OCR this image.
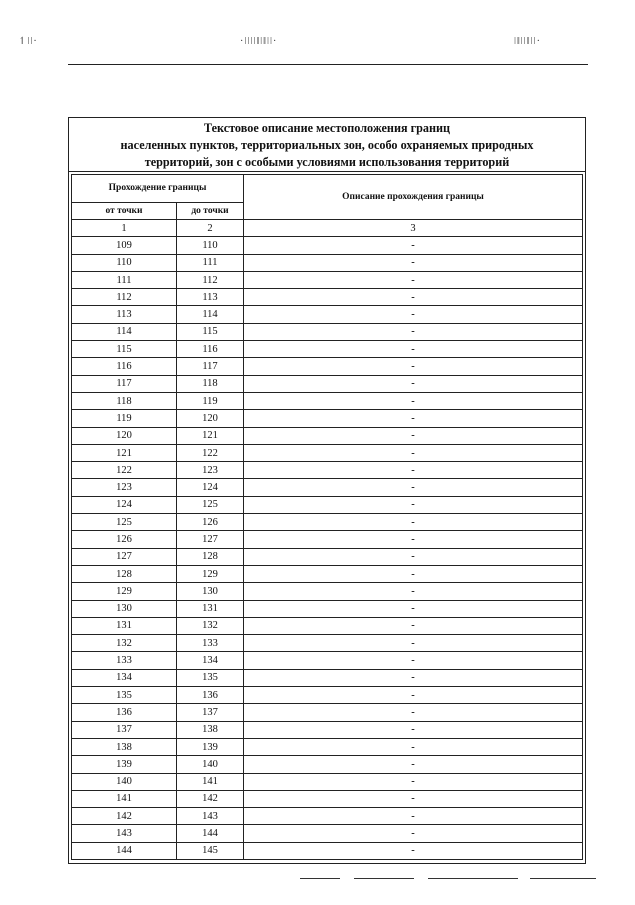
↿ǀǀ·	·ǀǀǀǀǁǀǁǀǀ·	ǀǁǀǀǁǀǀ·
Текстовое описание местоположения границ
населенных пунктов, территориальных зон, особо охраняемых природных
территорий, зон с особыми условиями использования территорий
Прохождение границы		Описание прохождения границы
от точки	до точки	
1	2	3
109	110	-
110	111	-
111	112	-
112	113	-
113	114	-
114	115	-
115	116	-
116	117	-
117	118	-
118	119	-
119	120	-
120	121	-
121	122	-
122	123	-
123	124	-
124	125	-
125	126	-
126	127	-
127	128	-
128	129	-
129	130	-
130	131	-
131	132	-
132	133	-
133	134	-
134	135	-
135	136	-
136	137	-
137	138	-
138	139	-
139	140	-
140	141	-
141	142	-
142	143	-
143	144	-
144	145	-
